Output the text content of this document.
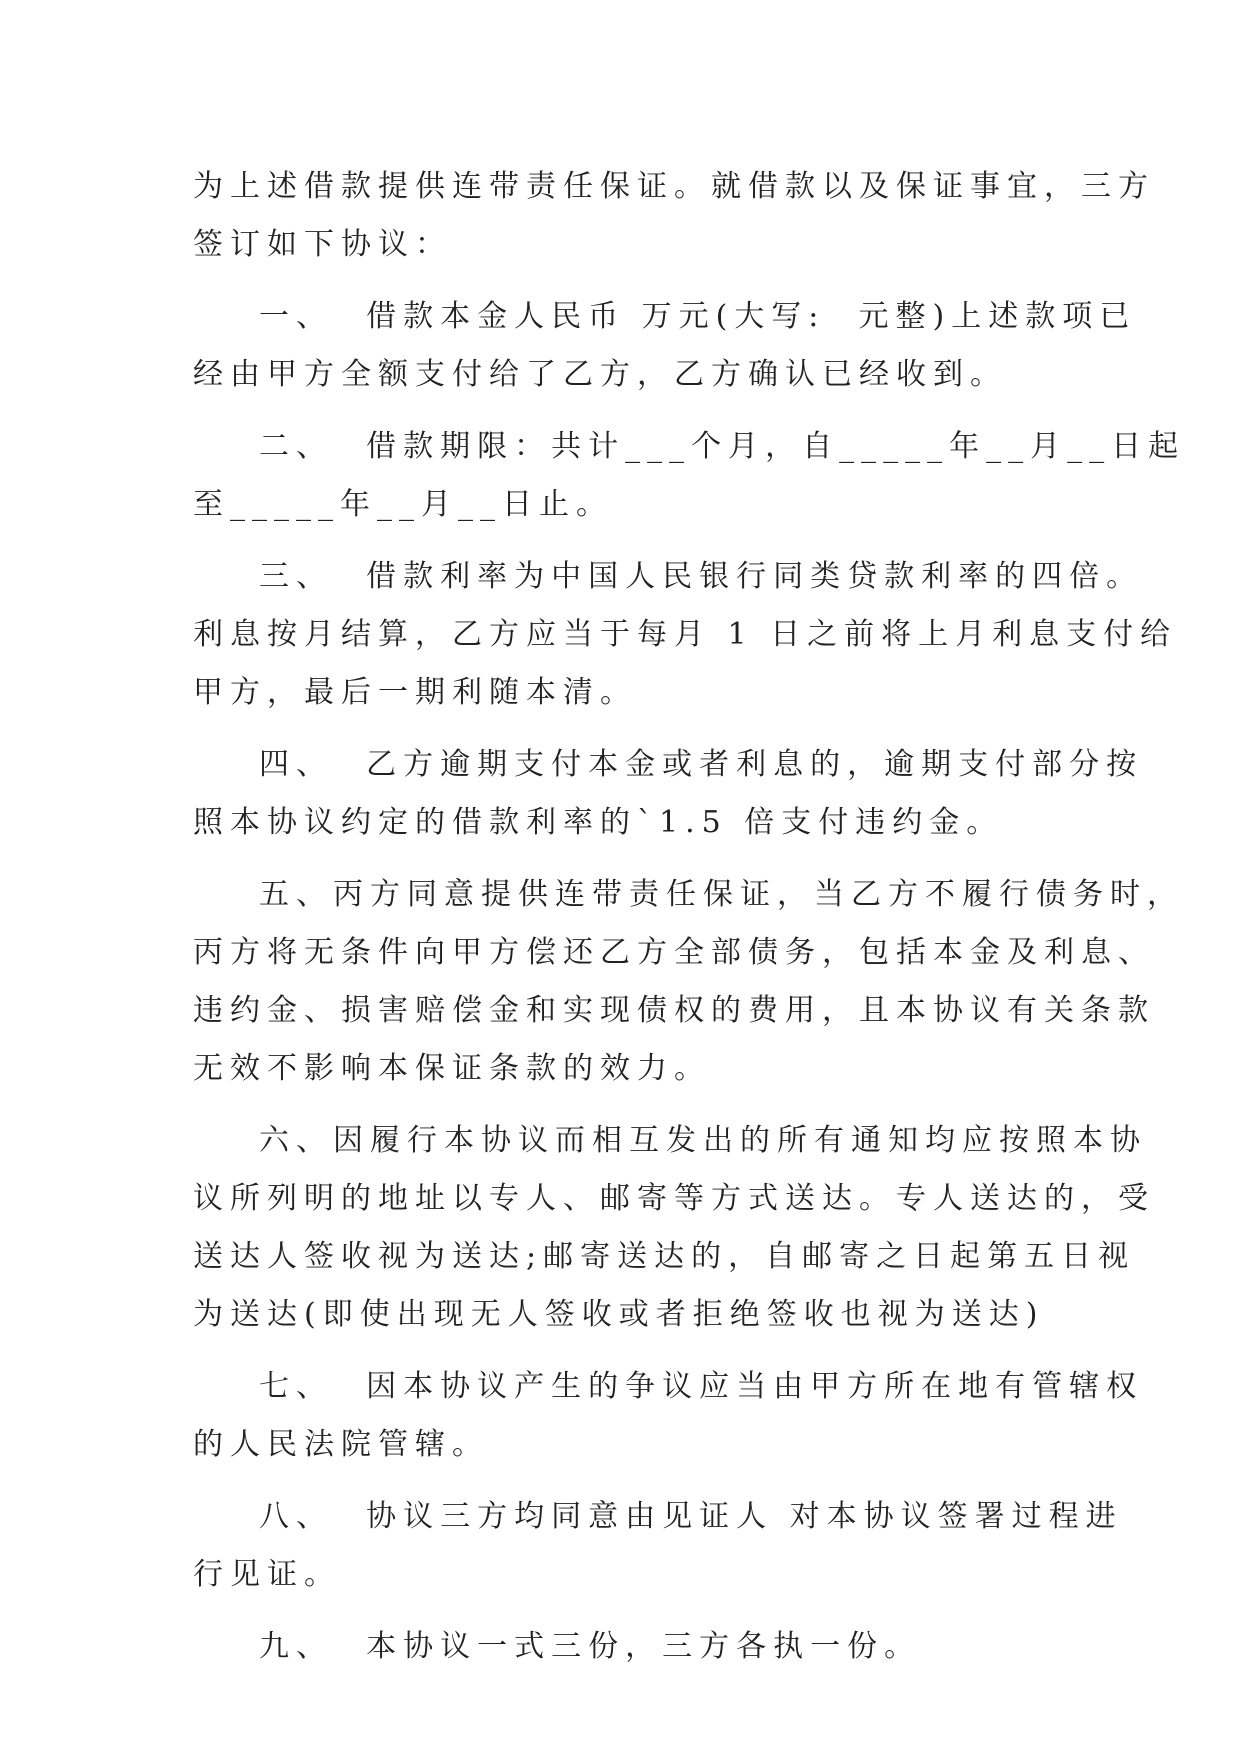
为上述借款提供连带责任保证。就借款以及保证事宜，三方
签订如下协议：
一、  借款本金人民币 万元(大写:  元整)上述款项已
经由甲方全额支付给了乙方，乙方确认已经收到。
二、  借款期限：共计___个月，自_____年__月__日起
至_____年__月__日止。
三、  借款利率为中国人民银行同类贷款利率的四倍。
利息按月结算，乙方应当于每月 1 日之前将上月利息支付给
甲方，最后一期利随本清。
四、  乙方逾期支付本金或者利息的，逾期支付部分按
照本协议约定的借款利率的`1.5 倍支付违约金。
五、丙方同意提供连带责任保证，当乙方不履行债务时，
丙方将无条件向甲方偿还乙方全部债务，包括本金及利息、
违约金、损害赔偿金和实现债权的费用，且本协议有关条款
无效不影响本保证条款的效力。
六、因履行本协议而相互发出的所有通知均应按照本协
议所列明的地址以专人、邮寄等方式送达。专人送达的，受
送达人签收视为送达;邮寄送达的，自邮寄之日起第五日视
为送达(即使出现无人签收或者拒绝签收也视为送达)
七、  因本协议产生的争议应当由甲方所在地有管辖权
的人民法院管辖。
八、  协议三方均同意由见证人 对本协议签署过程进
行见证。
九、  本协议一式三份，三方各执一份。
